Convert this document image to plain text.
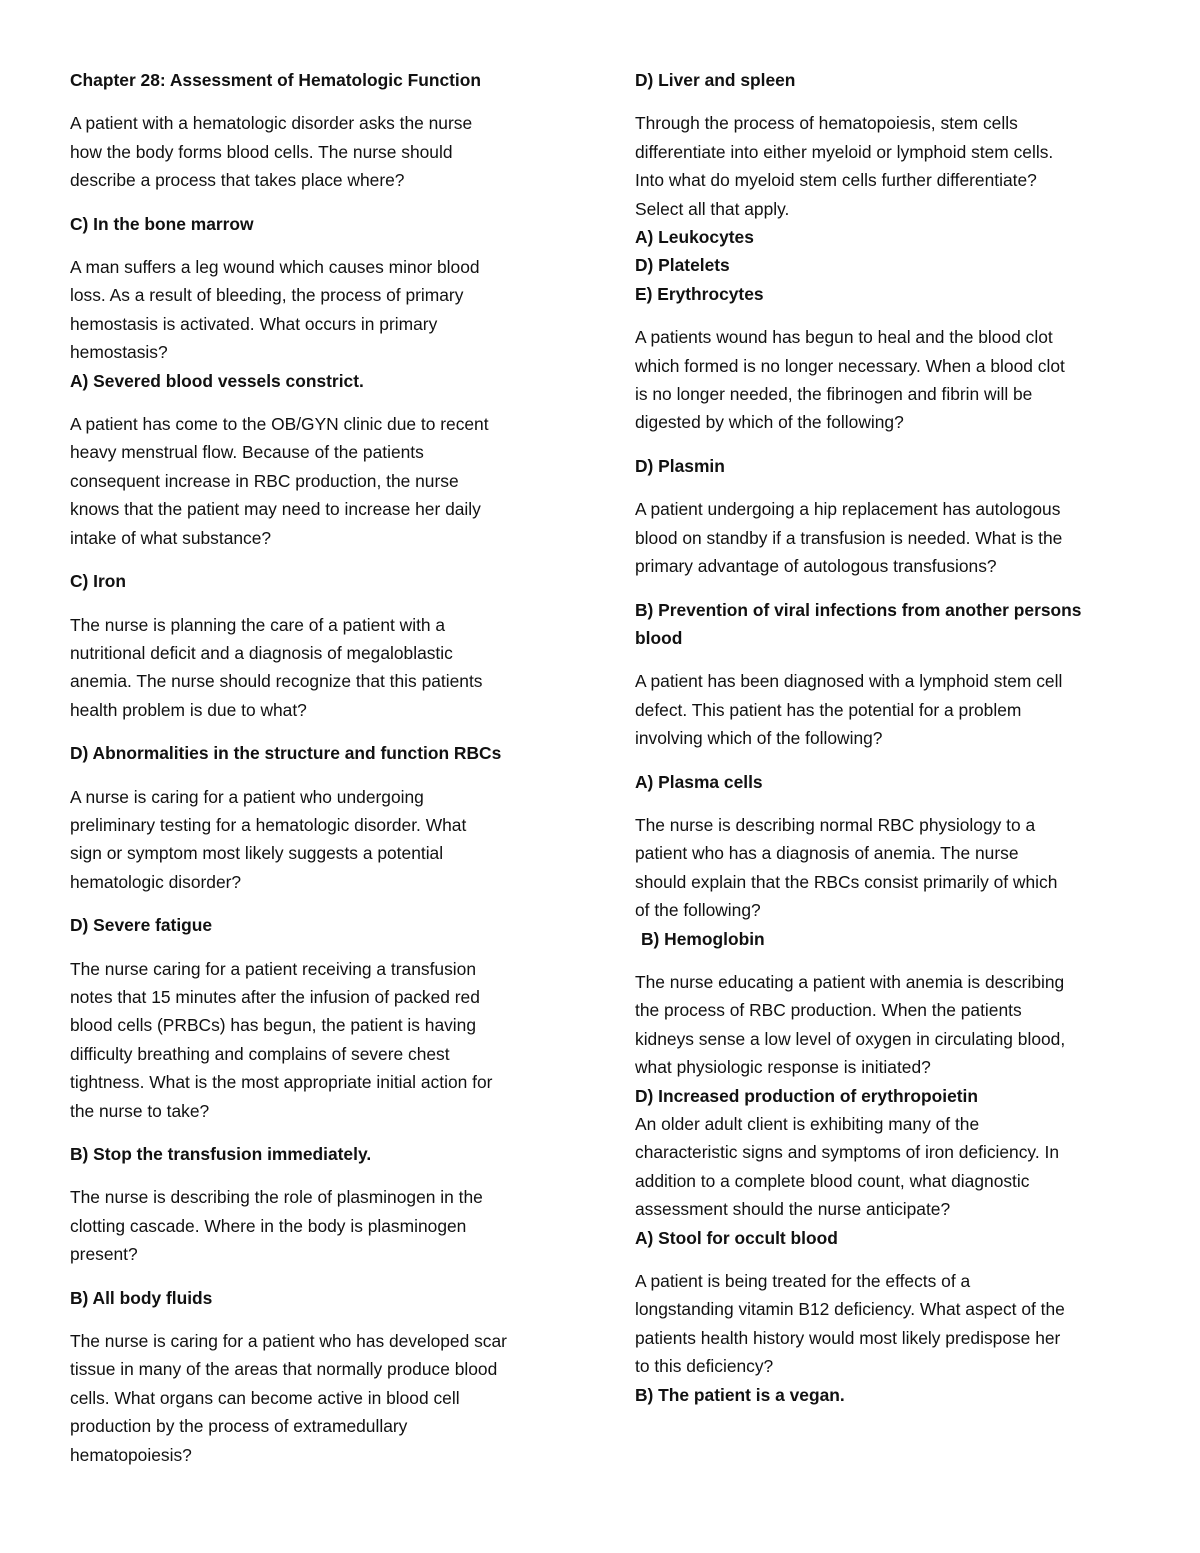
Chapter 28: Assessment of Hematologic Function

A patient with a hematologic disorder asks the nurse
how the body forms blood cells. The nurse should
describe a process that takes place where?

C) In the bone marrow

A man suffers a leg wound which causes minor blood
loss. As a result of bleeding, the process of primary
hemostasis is activated. What occurs in primary
hemostasis?

A) Severed blood vessels constrict.

A patient has come to the OB/GYN clinic due to recent
heavy menstrual flow. Because of the patients
consequent increase in RBC production, the nurse
knows that the patient may need to increase her daily
intake of what substance?

C) Iron

The nurse is planning the care of a patient with a
nutritional deficit and a diagnosis of megaloblastic
anemia. The nurse should recognize that this patients
health problem is due to what?

D) Abnormalities in the structure and function RBCs

A nurse is caring for a patient who undergoing
preliminary testing for a hematologic disorder. What
sign or symptom most likely suggests a potential
hematologic disorder?

D) Severe fatigue

The nurse caring for a patient receiving a transfusion
notes that 15 minutes after the infusion of packed red
blood cells (PRBCs) has begun, the patient is having
difficulty breathing and complains of severe chest
tightness. What is the most appropriate initial action for
the nurse to take?

B) Stop the transfusion immediately.

The nurse is describing the role of plasminogen in the
clotting cascade. Where in the body is plasminogen
present?

B) All body fluids

The nurse is caring for a patient who has developed scar
tissue in many of the areas that normally produce blood
cells. What organs can become active in blood cell
production by the process of extramedullary
hematopoiesis?

D) Liver and spleen

Through the process of hematopoiesis, stem cells
differentiate into either myeloid or lymphoid stem cells.
Into what do myeloid stem cells further differentiate?
Select all that apply.

A) Leukocytes
D) Platelets
E) Erythrocytes

A patients wound has begun to heal and the blood clot
which formed is no longer necessary. When a blood clot
is no longer needed, the fibrinogen and fibrin will be
digested by which of the following?

D) Plasmin

A patient undergoing a hip replacement has autologous
blood on standby if a transfusion is needed. What is the
primary advantage of autologous transfusions?

B) Prevention of viral infections from another persons
blood

A patient has been diagnosed with a lymphoid stem cell
defect. This patient has the potential for a problem
involving which of the following?

A) Plasma cells

The nurse is describing normal RBC physiology to a
patient who has a diagnosis of anemia. The nurse
should explain that the RBCs consist primarily of which
of the following?

B) Hemoglobin

The nurse educating a patient with anemia is describing
the process of RBC production. When the patients
kidneys sense a low level of oxygen in circulating blood,
what physiologic response is initiated?

D) Increased production of erythropoietin

An older adult client is exhibiting many of the
characteristic signs and symptoms of iron deficiency. In
addition to a complete blood count, what diagnostic
assessment should the nurse anticipate?

A) Stool for occult blood

A patient is being treated for the effects of a
longstanding vitamin B12 deficiency. What aspect of the
patients health history would most likely predispose her
to this deficiency?

B) The patient is a vegan.
